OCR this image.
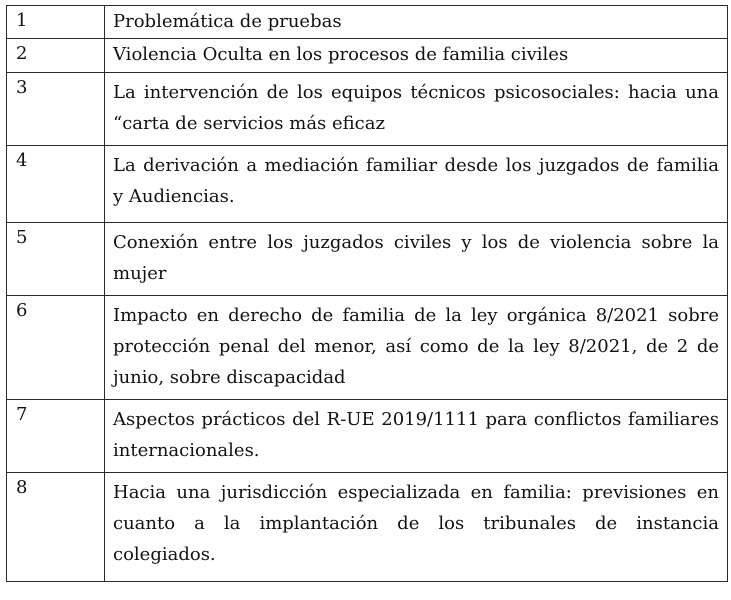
1	Problemática de pruebas
2	Violencia Oculta en los procesos de familia civiles
3	La intervención de los equipos técnicos psicosociales: hacia una “carta de servicios más eficaz
4	La derivación a mediación familiar desde los juzgados de familia y Audiencias.
5	Conexión entre los juzgados civiles y los de violencia sobre la mujer
6	Impacto en derecho de familia de la ley orgánica 8/2021 sobre protección penal del menor, así como de la ley 8/2021, de 2 de junio, sobre discapacidad
7	Aspectos prácticos del R-UE 2019/1111 para conflictos familiares internacionales.
8	Hacia una jurisdicción especializada en familia: previsiones en cuanto a la implantación de los tribunales de instancia colegiados.
